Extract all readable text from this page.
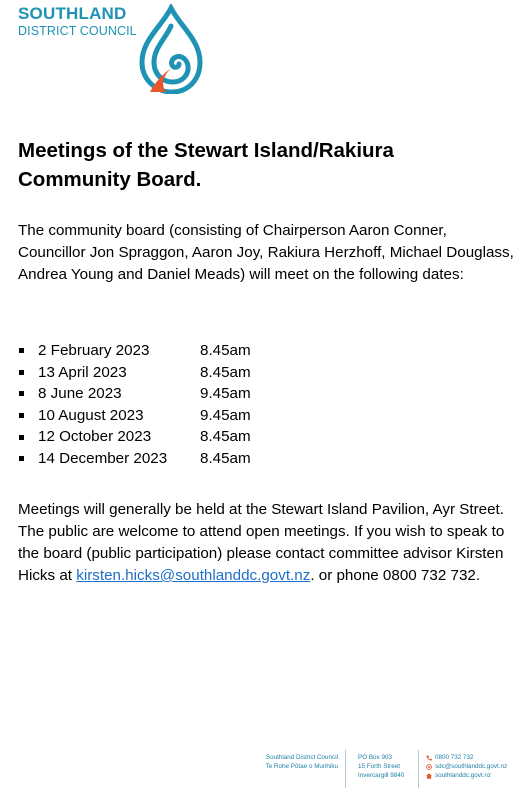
SOUTHLAND
DISTRICT COUNCIL
Meetings of the Stewart Island/Rakiura Community Board.

The community board (consisting of Chairperson Aaron Conner, Councillor Jon Spraggon, Aaron Joy, Rakiura Herzhoff, Michael Douglass, Andrea Young and Daniel Meads) will meet on the following dates:

2 February 2023	8.45am
13 April 2023	8.45am
8 June 2023	9.45am
10 August 2023	9.45am
12 October 2023	8.45am
14 December 2023	8.45am

Meetings will generally be held at the Stewart Island Pavilion, Ayr Street. The public are welcome to attend open meetings. If you wish to speak to the board (public participation) please contact committee advisor Kirsten Hicks at kirsten.hicks@southlanddc.govt.nz. or phone 0800 732 732.

Southland District Council
Te Rohe Pōtae o Murihiku
PO Box 903
15 Forth Street
Invercargill 9840
0800 732 732
sdc@southlanddc.govt.nz
southlanddc.govt.nz
